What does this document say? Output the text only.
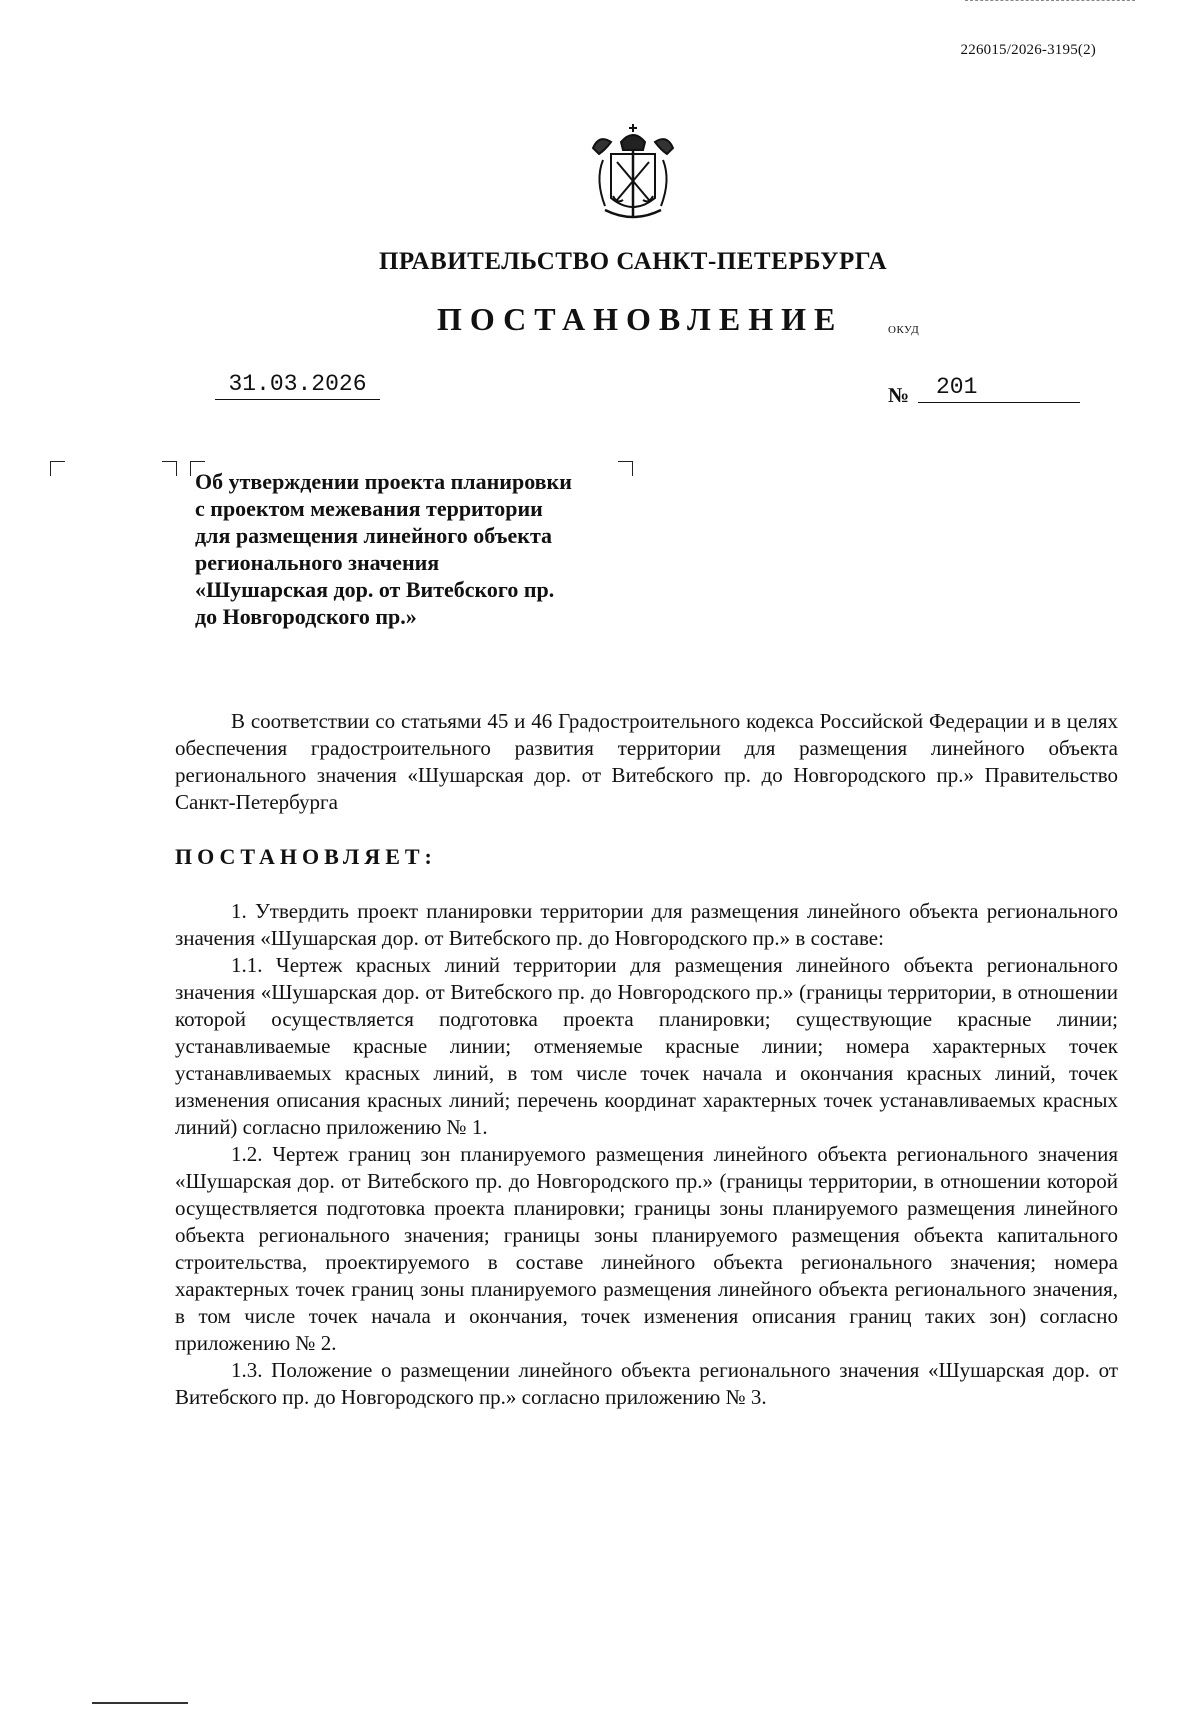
226015/2026-3195(2)
ПРАВИТЕЛЬСТВО САНКТ-ПЕТЕРБУРГА
ПОСТАНОВЛЕНИЕ	ОКУД
31.03.2026	№	201
Об утверждении проекта планировки
с проектом межевания территории
для размещения линейного объекта
регионального значения
«Шушарская дор. от Витебского пр.
до Новгородского пр.»
В соответствии со статьями 45 и 46 Градостроительного кодекса Российской Федерации и в целях обеспечения градостроительного развития территории для размещения линейного объекта регионального значения «Шушарская дор. от Витебского пр. до Новгородского пр.» Правительство Санкт-Петербурга
ПОСТАНОВЛЯЕТ:

1. Утвердить проект планировки территории для размещения линейного объекта регионального значения «Шушарская дор. от Витебского пр. до Новгородского пр.» в составе:

1.1. Чертеж красных линий территории для размещения линейного объекта регионального значения «Шушарская дор. от Витебского пр. до Новгородского пр.» (границы территории, в отношении которой осуществляется подготовка проекта планировки; существующие красные линии; устанавливаемые красные линии; отменяемые красные линии; номера характерных точек устанавливаемых красных линий, в том числе точек начала и окончания красных линий, точек изменения описания красных линий; перечень координат характерных точек устанавливаемых красных линий) согласно приложению № 1.

1.2. Чертеж границ зон планируемого размещения линейного объекта регионального значения «Шушарская дор. от Витебского пр. до Новгородского пр.» (границы территории, в отношении которой осуществляется подготовка проекта планировки; границы зоны планируемого размещения линейного объекта регионального значения; границы зоны планируемого размещения объекта капитального строительства, проектируемого в составе линейного объекта регионального значения; номера характерных точек границ зоны планируемого размещения линейного объекта регионального значения, в том числе точек начала и окончания, точек изменения описания границ таких зон) согласно приложению № 2.

1.3. Положение о размещении линейного объекта регионального значения «Шушарская дор. от Витебского пр. до Новгородского пр.» согласно приложению № 3.
